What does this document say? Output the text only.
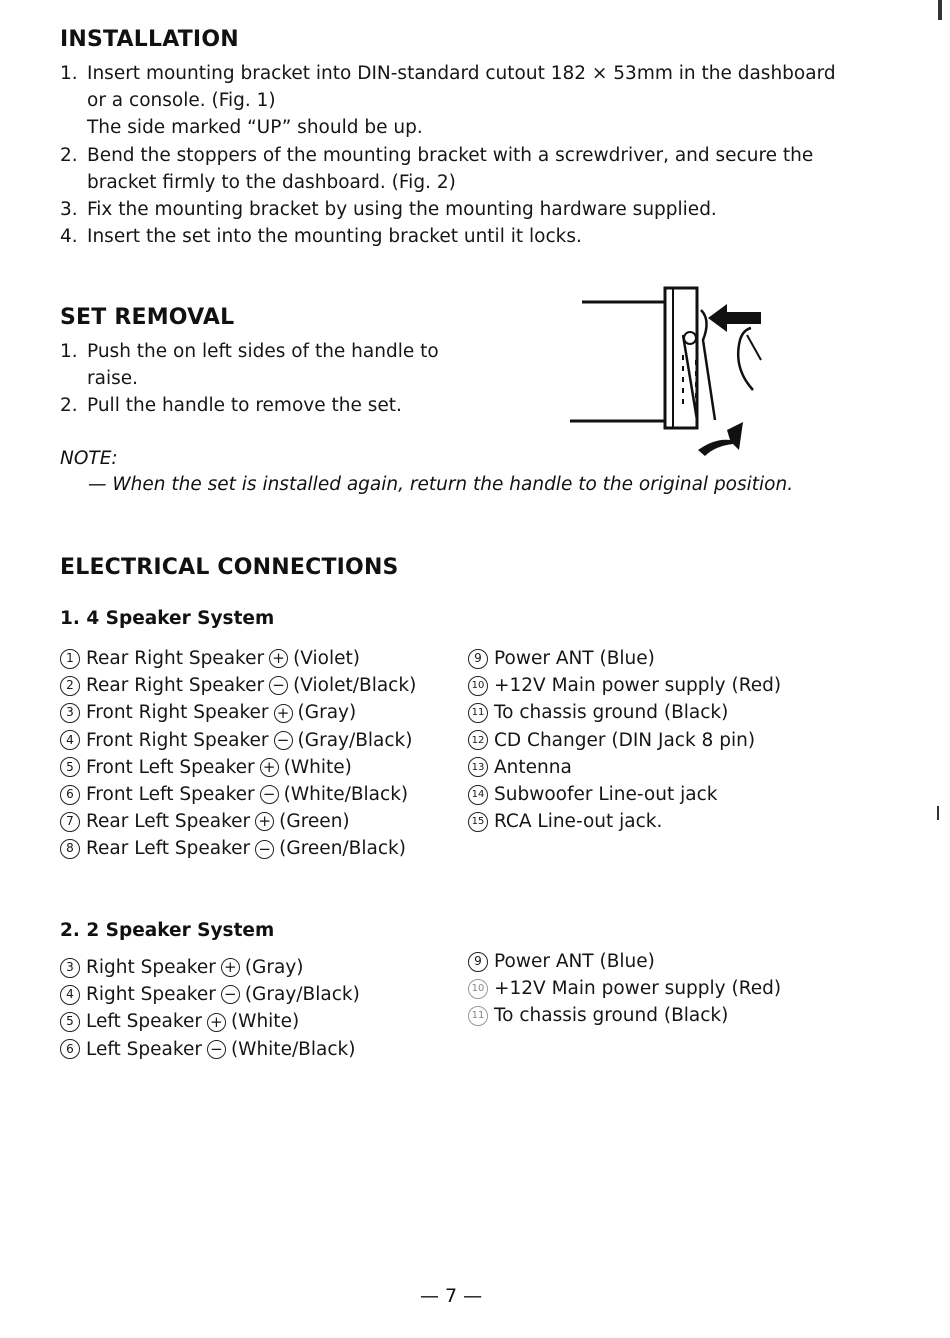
INSTALLATION
1. Insert mounting bracket into DIN-standard cutout 182 × 53mm in the dashboard
or a console. (Fig. 1)
The side marked “UP” should be up.
2. Bend the stoppers of the mounting bracket with a screwdriver, and secure the
bracket firmly to the dashboard. (Fig. 2)
3. Fix the mounting bracket by using the mounting hardware supplied.
4. Insert the set into the mounting bracket until it locks.
SET REMOVAL
1. Push the on left sides of the handle to
raise.
2. Pull the handle to remove the set.
NOTE:
— When the set is installed again, return the handle to the original position.
ELECTRICAL CONNECTIONS
1. 4 Speaker System
1 Rear Right Speaker + (Violet)
2 Rear Right Speaker − (Violet/Black)
3 Front Right Speaker + (Gray)
4 Front Right Speaker − (Gray/Black)
5 Front Left Speaker + (White)
6 Front Left Speaker − (White/Black)
7 Rear Left Speaker + (Green)
8 Rear Left Speaker − (Green/Black)
9 Power ANT (Blue)
10 +12V Main power supply (Red)
11 To chassis ground (Black)
12 CD Changer (DIN Jack 8 pin)
13 Antenna
14 Subwoofer Line-out jack
15 RCA Line-out jack.
2. 2 Speaker System
3 Right Speaker + (Gray)
4 Right Speaker − (Gray/Black)
5 Left Speaker + (White)
6 Left Speaker − (White/Black)
9 Power ANT (Blue)
10 +12V Main power supply (Red)
11 To chassis ground (Black)
— 7 —
